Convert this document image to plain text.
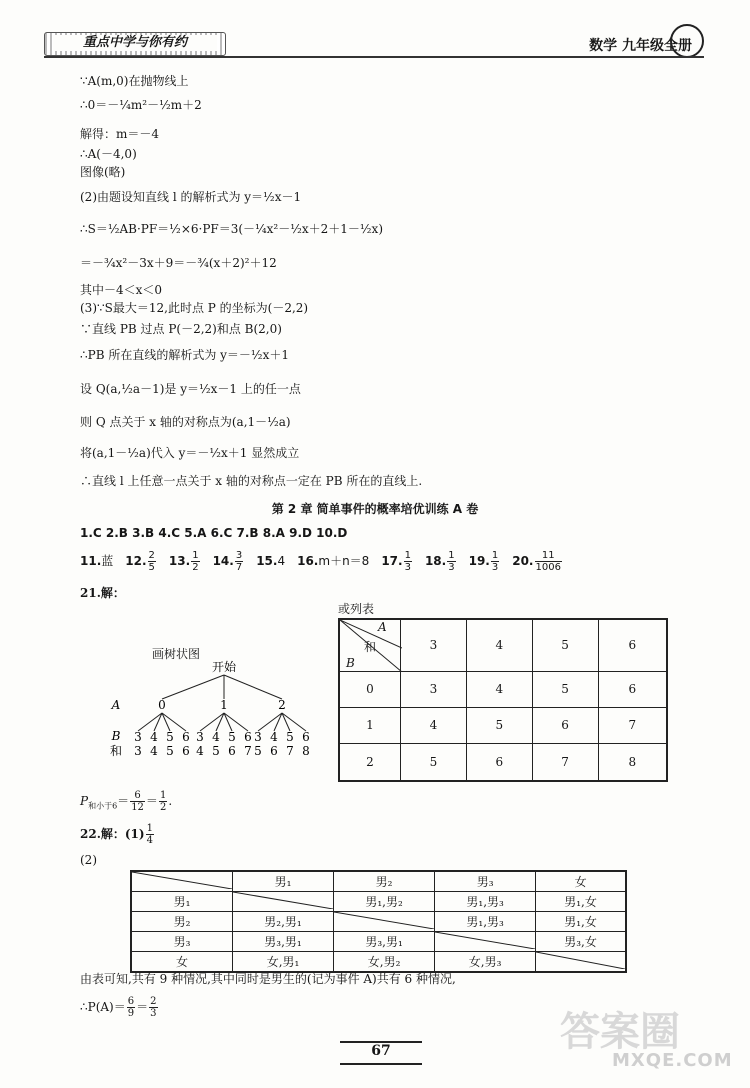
重点中学与你有约	数学 九年级全册
∵A(m,0)在抛物线上
∴0＝－¼m²－½m＋2
解得：m＝－4
∴A(－4,0)
图像(略)
(2)由题设知直线 l 的解析式为 y＝½x－1
∴S＝½AB·PF＝½×6·PF＝3(－¼x²－½x＋2＋1－½x)
＝－¾x²－3x＋9＝－¾(x＋2)²＋12
其中－4＜x＜0
(3)∵S最大＝12,此时点 P 的坐标为(－2,2)
∵直线 PB 过点 P(－2,2)和点 B(2,0)
∴PB 所在直线的解析式为 y＝－½x＋1
设 Q(a,½a－1)是 y＝½x－1 上的任一点
则 Q 点关于 x 轴的对称点为(a,1－½a)
将(a,1－½a)代入 y＝－½x＋1 显然成立
∴直线 l 上任意一点关于 x 轴的对称点一定在 PB 所在的直线上.
第 2 章 简单事件的概率培优训练 A 卷
1.C 2.B 3.B 4.C 5.A 6.C 7.B 8.A 9.D 10.D
11.蓝 12. $\frac{2}{5} 13$. $\frac{1}{2} 14$. $\frac{3}{7} 15.4$ 16.m＋n＝8 17. $\frac{1}{3} 18$. $\frac{1}{3} 19$. $\frac{1}{3} 20$. $\frac{11}{1006}$
21.解：
或列表
画树状图
开始
0	1	2
A
B
和
3
3
4
4
5
5
6
6
3
4
4
5
5
6
6
7
3
5
4
6
5
7
6
8
A
和
B	3	4	5	6
0	3	4	5	6
1	4	5	6	7
2	5	6	7	8
$P_{和小于6}= \frac{6}{12} = \frac{1}{2}$ .
22.解：$(1) \frac{1}{4}$
(2)
	男₁	男₂	男₃	女
男₁		男₁,男₂	男₁,男₃	男₁,女
男₂	男₂,男₁		男₁,男₃	男₁,女
男₃	男₃,男₁	男₃,男₁		男₃,女
女	女,男₁	女,男₂	女,男₃	
由表可知,共有 9 种情况,其中同时是男生的(记为事件 A)共有 6 种情况,
∴P(A)＝ $\frac{6}{9} = \frac{2}{3}$
67	答案圈
MXQE.COM
